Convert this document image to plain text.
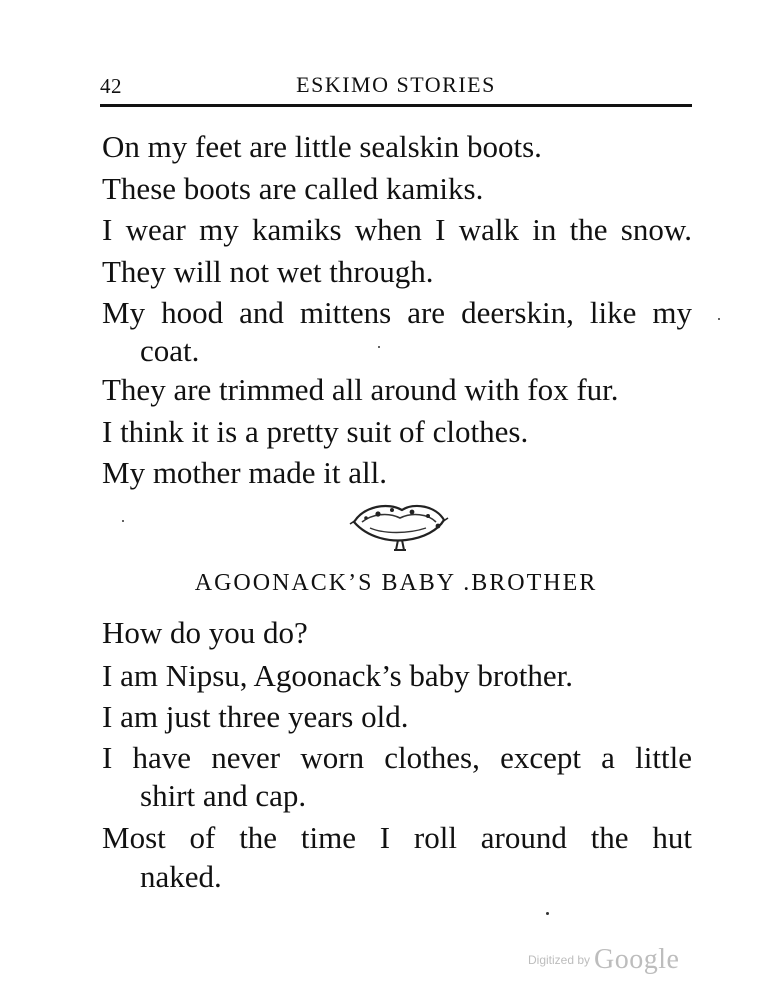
42	ESKIMO STORIES
On my feet are little sealskin boots.
These boots are called kamiks.
I wear my kamiks when I walk in the snow.
They will not wet through.
My hood and mittens are deerskin, like my
coat.
They are trimmed all around with fox fur.
I think it is a pretty suit of clothes.
My mother made it all.
AGOONACK’S BABY .BROTHER
How do you do?
I am Nipsu, Agoonack’s baby brother.
I am just three years old.
I have never worn clothes, except a little
shirt and cap.
Most of the time I roll around the hut
naked.
$^{Digitized by}$ Google
